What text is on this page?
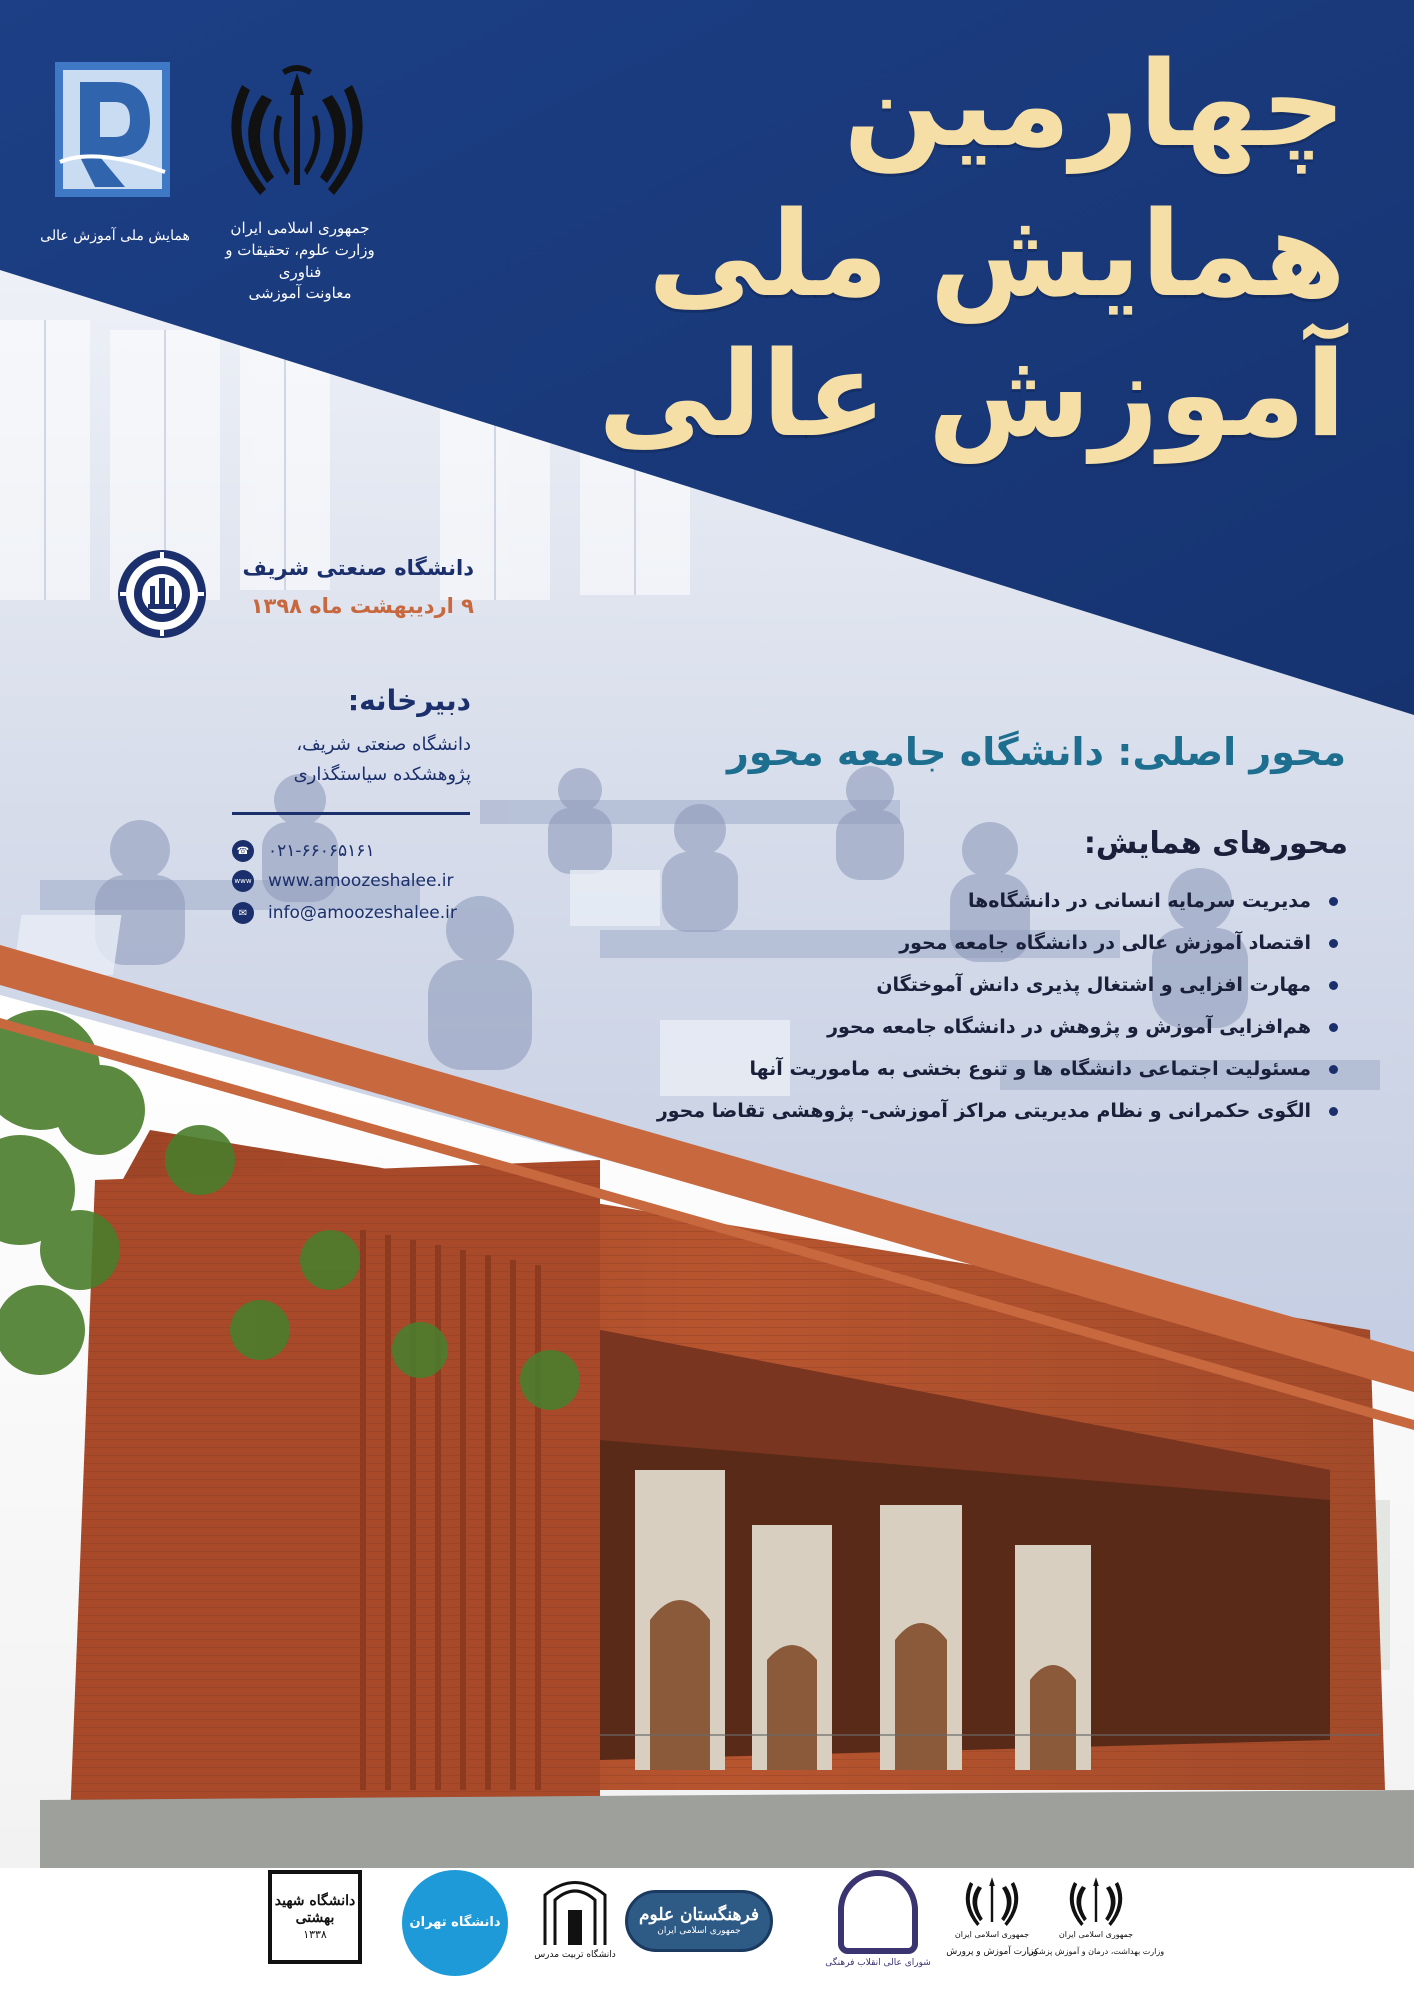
همایش ملی آموزش عالی	جمهوری اسلامی ایران
وزارت علوم، تحقیقات و فناوری
معاونت آموزشی
چهارمین
همایش ملی
آموزش عالی
دانشگاه صنعتی شریف
۹ اردیبهشت ماه ۱۳۹۸
دبیرخانه:
دانشگاه صنعتی شریف،
پژوهشکده سیاستگذاری
☎ ۰۲۱-۶۶۰۶۵۱۶۱
www www.amoozeshalee.ir
✉	info@amoozeshalee.ir
محور اصلی: دانشگاه جامعه محور
محورهای همایش:
مدیریت سرمایه انسانی در دانشگاه‌ها
اقتصاد آموزش عالی در دانشگاه جامعه محور
مهارت افزایی و اشتغال پذیری دانش آموختگان
هم‌افزایی آموزش و پژوهش در دانشگاه جامعه محور
مسئولیت اجتماعی دانشگاه ها و تنوع بخشی به ماموریت آنها
الگوی حکمرانی و نظام مدیریتی مراکز آموزشی- پژوهشی تقاضا محور
دانشگاه شهید بهشتی
۱۳۳۸
دانشگاه تهران
دانشگاه تربیت مدرس
فرهنگستان علوم
جمهوری اسلامی ایران
شورای عالی انقلاب فرهنگی
جمهوری اسلامی ایران
وزارت آموزش و پرورش
جمهوری اسلامی ایران
وزارت بهداشت، درمان و آموزش پزشکی
